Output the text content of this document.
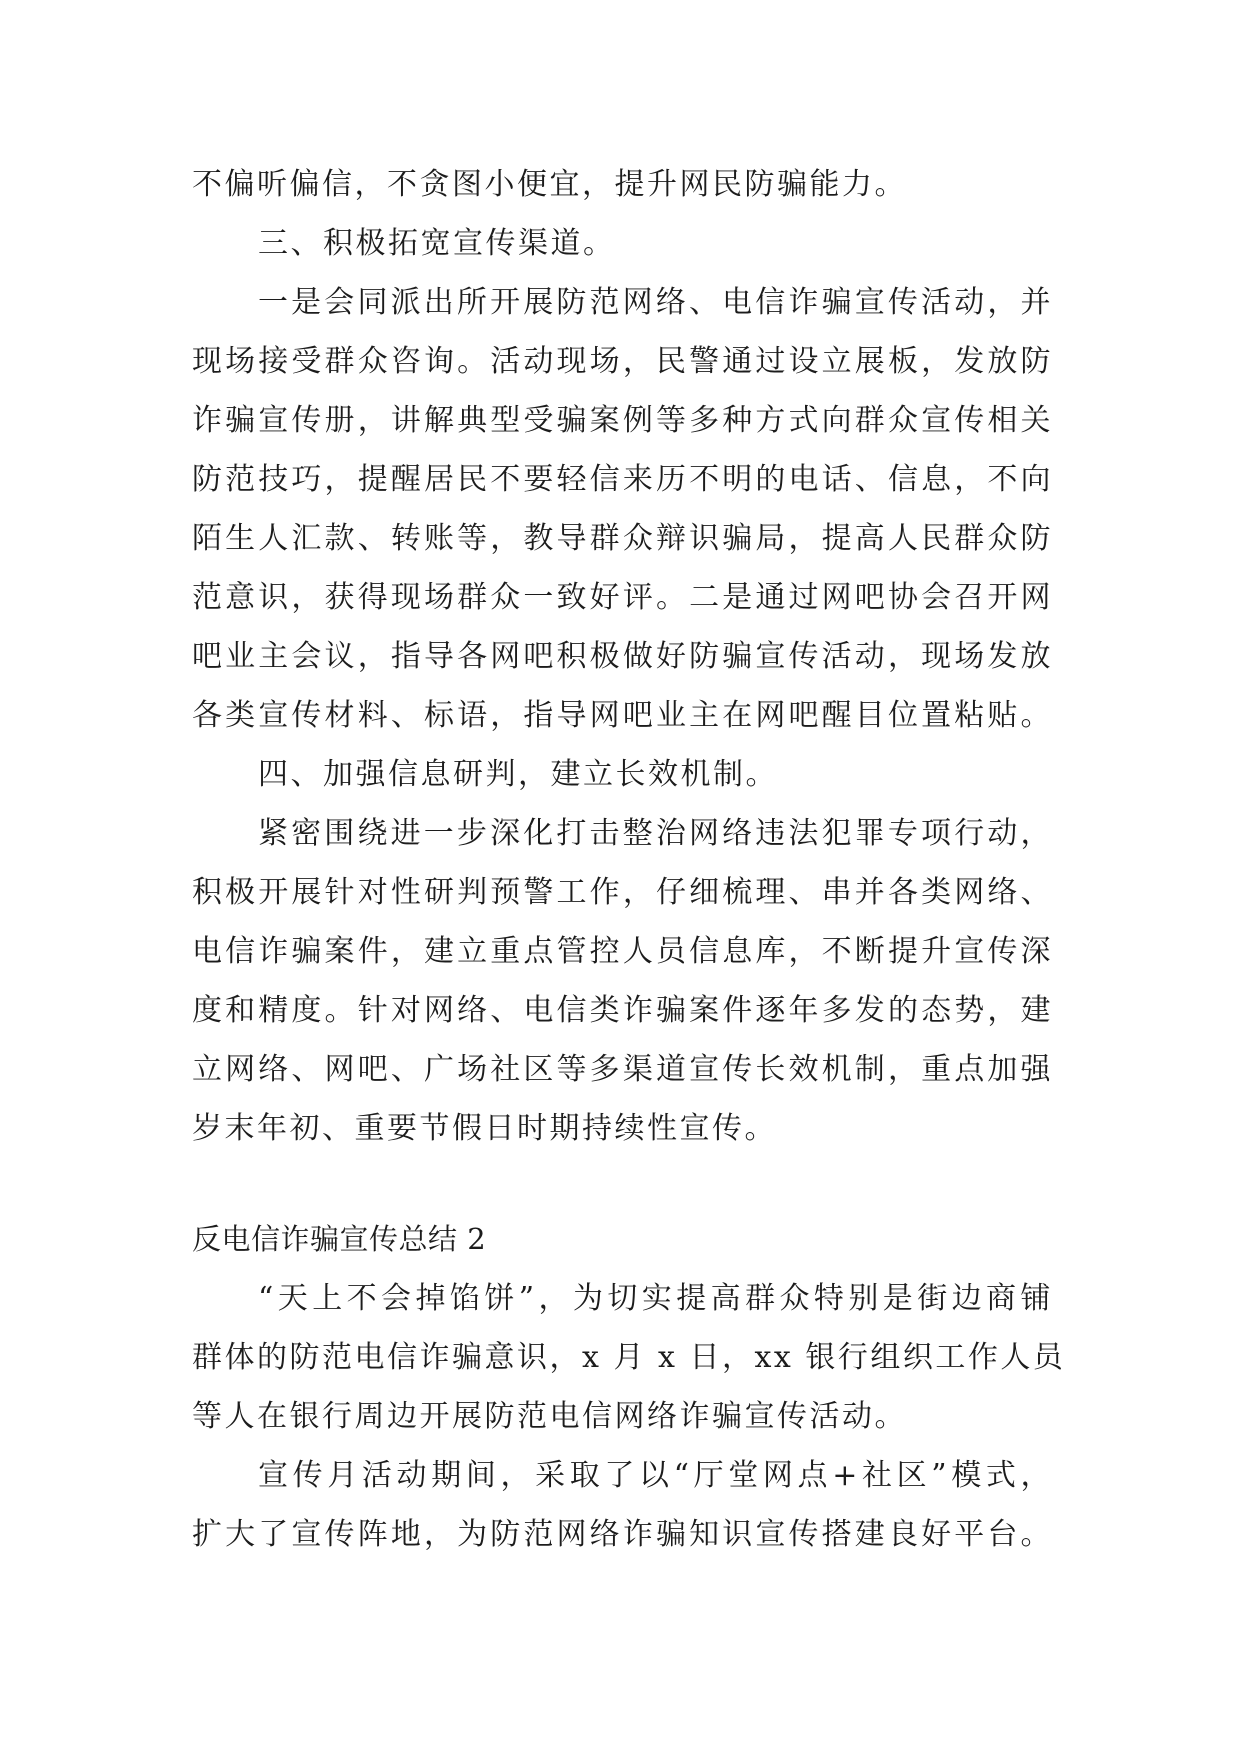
不偏听偏信，不贪图小便宜，提升网民防骗能力。
三、积极拓宽宣传渠道。
一是会同派出所开展防范网络、电信诈骗宣传活动，并
现场接受群众咨询。活动现场，民警通过设立展板，发放防
诈骗宣传册，讲解典型受骗案例等多种方式向群众宣传相关
防范技巧，提醒居民不要轻信来历不明的电话、信息，不向
陌生人汇款、转账等，教导群众辩识骗局，提高人民群众防
范意识，获得现场群众一致好评。二是通过网吧协会召开网
吧业主会议，指导各网吧积极做好防骗宣传活动，现场发放
各类宣传材料、标语，指导网吧业主在网吧醒目位置粘贴。
四、加强信息研判，建立长效机制。
紧密围绕进一步深化打击整治网络违法犯罪专项行动，
积极开展针对性研判预警工作，仔细梳理、串并各类网络、
电信诈骗案件，建立重点管控人员信息库，不断提升宣传深
度和精度。针对网络、电信类诈骗案件逐年多发的态势，建
立网络、网吧、广场社区等多渠道宣传长效机制，重点加强
岁末年初、重要节假日时期持续性宣传。
反电信诈骗宣传总结 2
“天上不会掉馅饼”，为切实提高群众特别是街边商铺
群体的防范电信诈骗意识，x 月 x 日，xx 银行组织工作人员
等人在银行周边开展防范电信网络诈骗宣传活动。
宣传月活动期间，采取了以“厅堂网点+社区”模式，
扩大了宣传阵地，为防范网络诈骗知识宣传搭建良好平台。
